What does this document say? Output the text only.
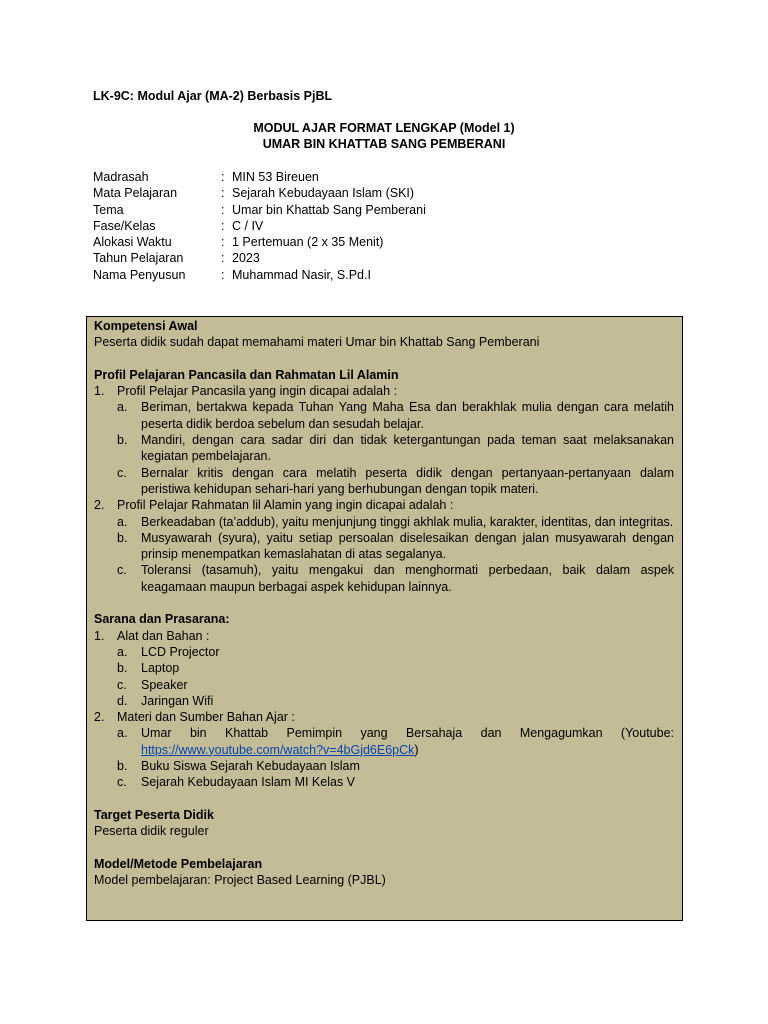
LK-9C: Modul Ajar (MA-2) Berbasis PjBL
MODUL AJAR FORMAT LENGKAP (Model 1)
UMAR BIN KHATTAB SANG PEMBERANI
Madrasah	: MIN 53 Bireuen
Mata Pelajaran	: Sejarah Kebudayaan Islam (SKI)
Tema	: Umar bin Khattab Sang Pemberani
Fase/Kelas	: C / IV
Alokasi Waktu	: 1 Pertemuan (2 x 35 Menit)
Tahun Pelajaran	: 2023
Nama Penyusun	: Muhammad Nasir, S.Pd.I

Kompetensi Awal

Peserta didik sudah dapat memahami materi Umar bin Khattab Sang Pemberani

Profil Pelajaran Pancasila dan Rahmatan Lil Alamin

1.	Profil Pelajar Pancasila yang ingin dicapai adalah :
a.	Beriman, bertakwa kepada Tuhan Yang Maha Esa dan berakhlak mulia dengan cara melatih peserta didik berdoa sebelum dan sesudah belajar.
b.	Mandiri, dengan cara sadar diri dan tidak ketergantungan pada teman saat melaksanakan kegiatan pembelajaran.
c.	Bernalar kritis dengan cara melatih peserta didik dengan pertanyaan-pertanyaan dalam peristiwa kehidupan sehari-hari yang berhubungan dengan topik materi.
2.	Profil Pelajar Rahmatan lil Alamin yang ingin dicapai adalah :
a.	Berkeadaban (ta’addub), yaitu menjunjung tinggi akhlak mulia, karakter, identitas, dan integritas.
b.	Musyawarah (syura), yaitu setiap persoalan diselesaikan dengan jalan musyawarah dengan prinsip menempatkan kemaslahatan di atas segalanya.
c.	Toleransi (tasamuh), yaitu mengakui dan menghormati perbedaan, baik dalam aspek keagamaan maupun berbagai aspek kehidupan lainnya.

Sarana dan Prasarana:

1.	Alat dan Bahan :
a.	LCD Projector
b.	Laptop
c.	Speaker
d.	Jaringan Wifi
2.	Materi dan Sumber Bahan Ajar :
a.	Umar bin Khattab Pemimpin yang Bersahaja dan Mengagumkan (Youtube: https://www.youtube.com/watch?v=4bGjd6E6pCk)
b.	Buku Siswa Sejarah Kebudayaan Islam
c.	Sejarah Kebudayaan Islam MI Kelas V

Target Peserta Didik

Peserta didik reguler

Model/Metode Pembelajaran

Model pembelajaran: Project Based Learning (PJBL)
